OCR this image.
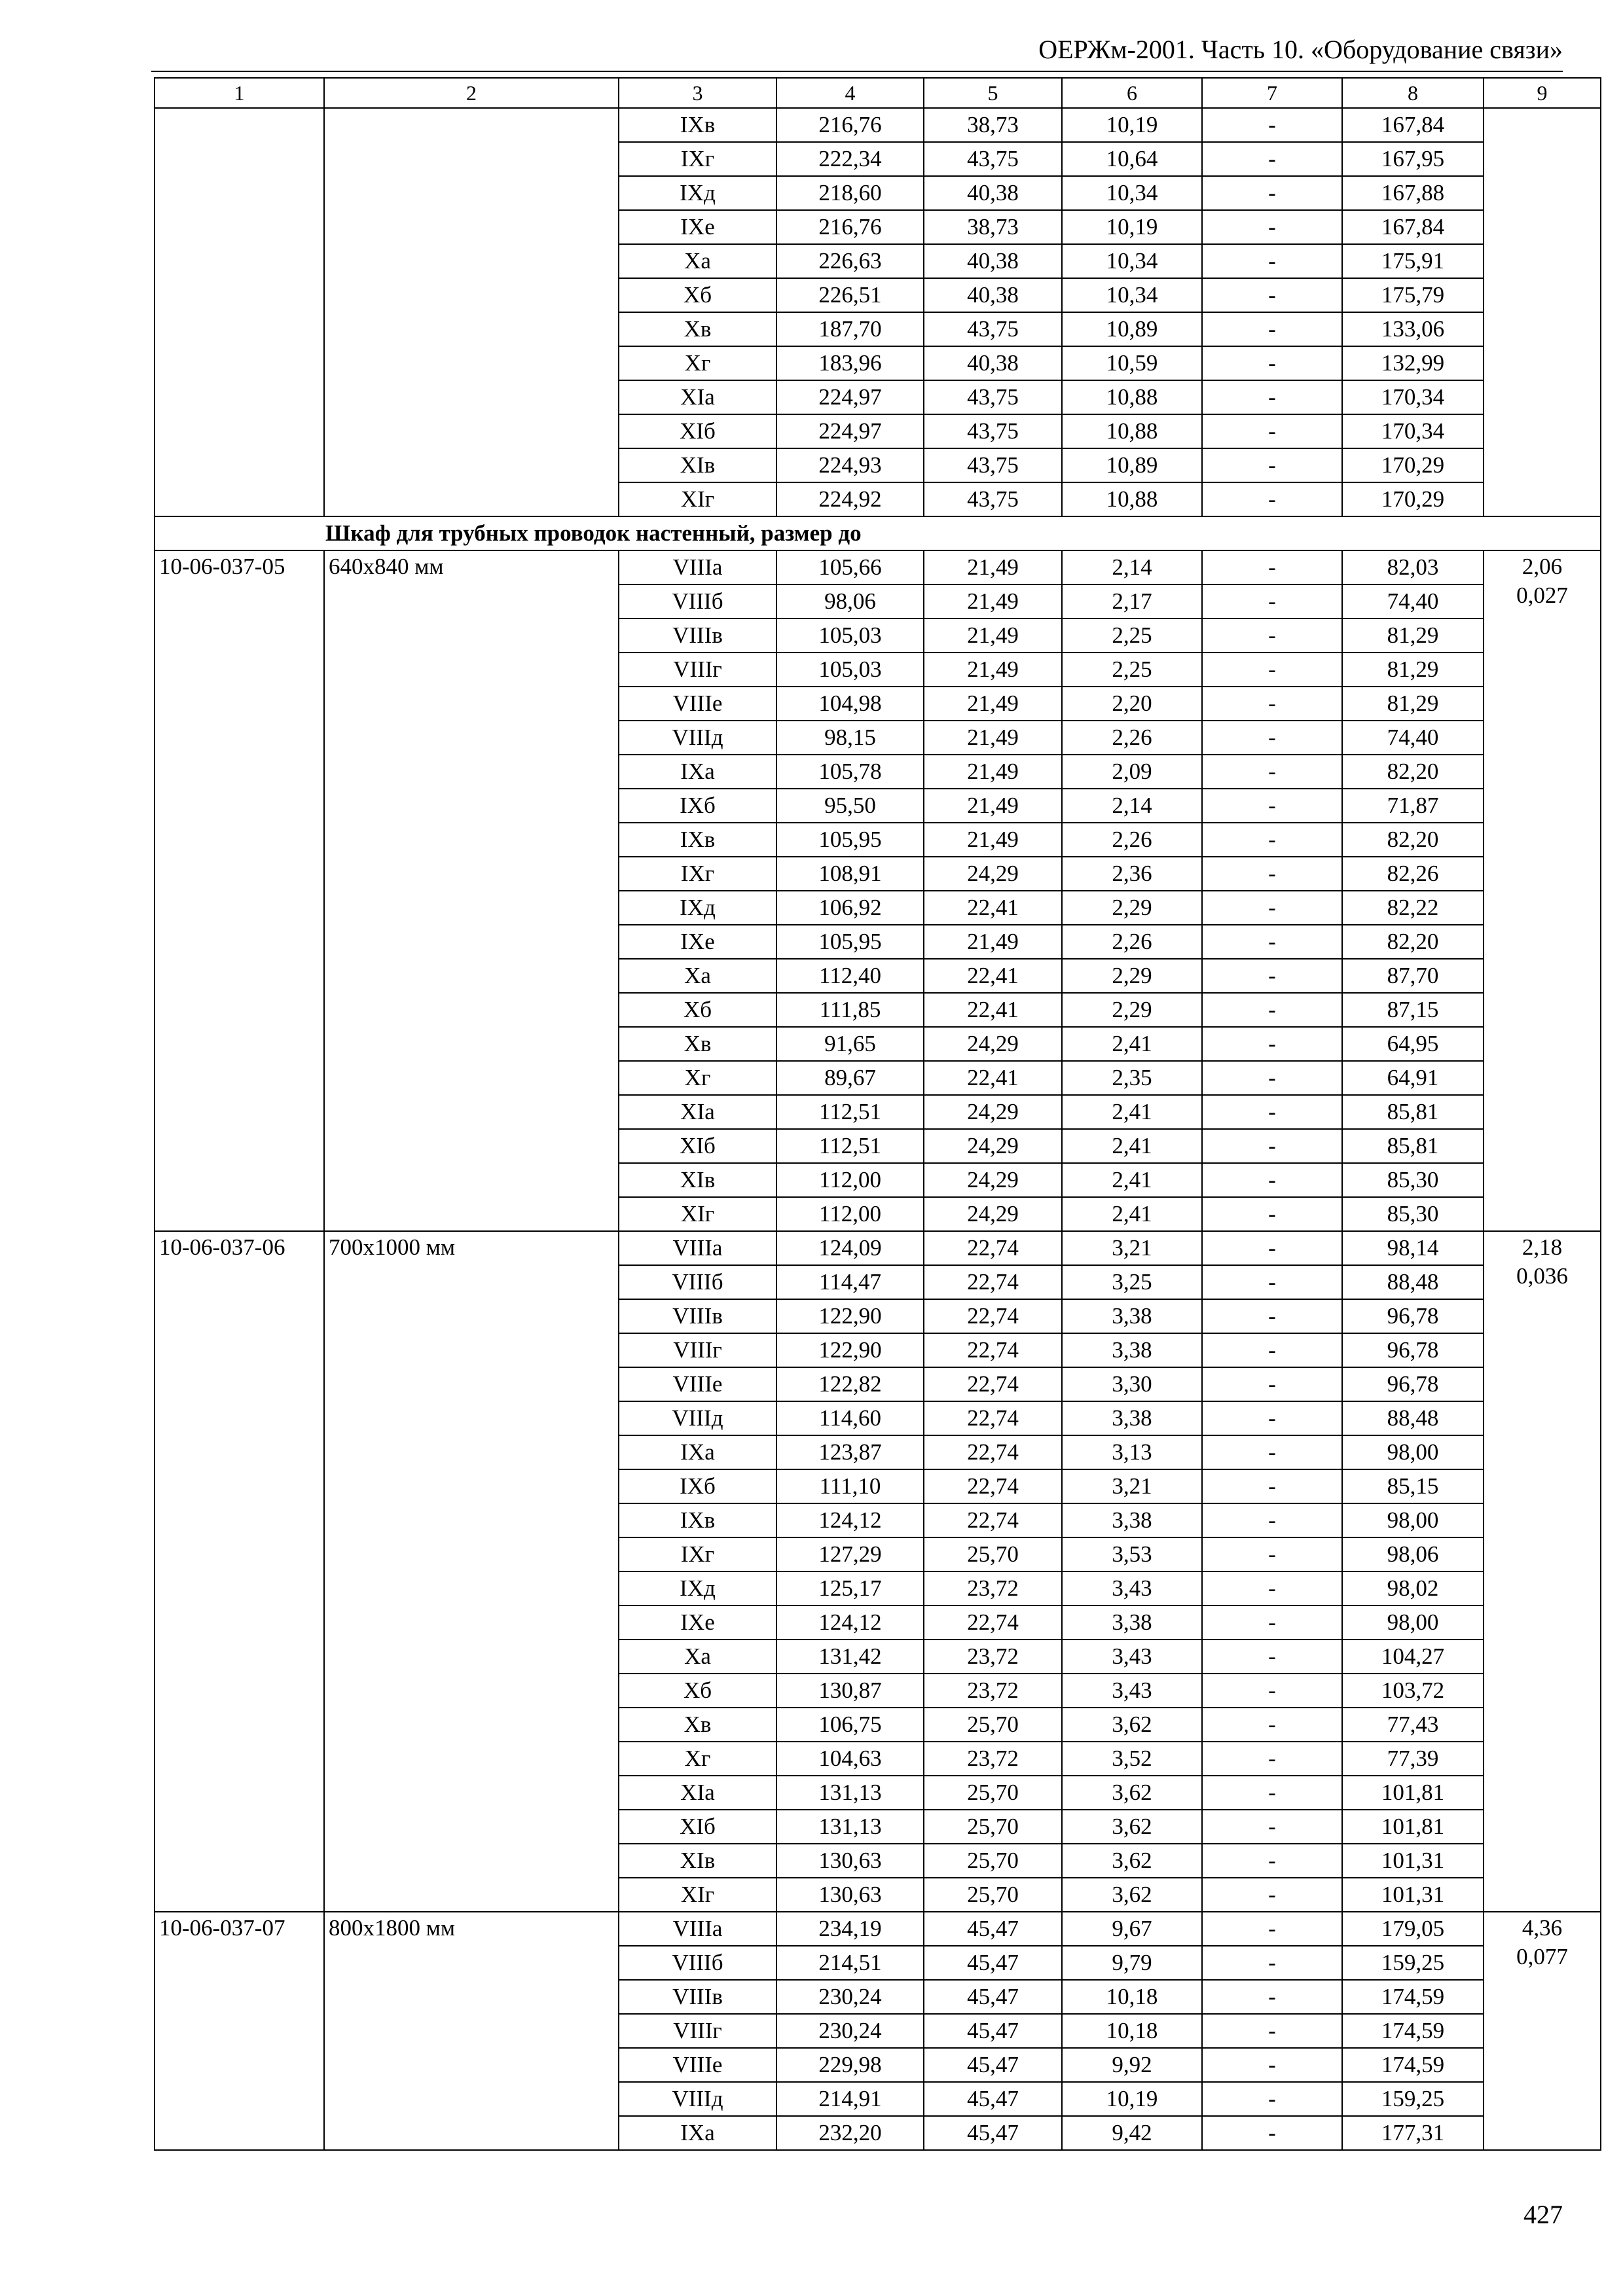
ОЕРЖм-2001. Часть 10. «Оборудование связи»
1	2	3	4	5	6	7	8	9
		IXв	216,76	38,73	10,19	-	167,84	

		IXг	222,34	43,75	10,64	-	167,95	
		IXд	218,60	40,38	10,34	-	167,88	
		IXе	216,76	38,73	10,19	-	167,84	
		Xа	226,63	40,38	10,34	-	175,91	
		Xб	226,51	40,38	10,34	-	175,79	
		Xв	187,70	43,75	10,89	-	133,06	
		Xг	183,96	40,38	10,59	-	132,99	
		XIа	224,97	43,75	10,88	-	170,34	
		XIб	224,97	43,75	10,88	-	170,34	
		XIв	224,93	43,75	10,89	-	170,29	
		XIг	224,92	43,75	10,88	-	170,29	
Шкаф для трубных проводок настенный, размер до								
10-06-037-05	640х840 мм	VIIIа	105,66	21,49	2,14	-	82,03	2,06
0,027

		VIIIб	98,06	21,49	2,17	-	74,40	
		VIIIв	105,03	21,49	2,25	-	81,29	
		VIIIг	105,03	21,49	2,25	-	81,29	
		VIIIе	104,98	21,49	2,20	-	81,29	
		VIIIд	98,15	21,49	2,26	-	74,40	
		IXа	105,78	21,49	2,09	-	82,20	
		IXб	95,50	21,49	2,14	-	71,87	
		IXв	105,95	21,49	2,26	-	82,20	
		IXг	108,91	24,29	2,36	-	82,26	
		IXд	106,92	22,41	2,29	-	82,22	
		IXе	105,95	21,49	2,26	-	82,20	
		Xа	112,40	22,41	2,29	-	87,70	
		Xб	111,85	22,41	2,29	-	87,15	
		Xв	91,65	24,29	2,41	-	64,95	
		Xг	89,67	22,41	2,35	-	64,91	
		XIа	112,51	24,29	2,41	-	85,81	
		XIб	112,51	24,29	2,41	-	85,81	
		XIв	112,00	24,29	2,41	-	85,30	
		XIг	112,00	24,29	2,41	-	85,30	
10-06-037-06	700х1000 мм	VIIIа	124,09	22,74	3,21	-	98,14	2,18
0,036

		VIIIб	114,47	22,74	3,25	-	88,48	
		VIIIв	122,90	22,74	3,38	-	96,78	
		VIIIг	122,90	22,74	3,38	-	96,78	
		VIIIе	122,82	22,74	3,30	-	96,78	
		VIIIд	114,60	22,74	3,38	-	88,48	
		IXа	123,87	22,74	3,13	-	98,00	
		IXб	111,10	22,74	3,21	-	85,15	
		IXв	124,12	22,74	3,38	-	98,00	
		IXг	127,29	25,70	3,53	-	98,06	
		IXд	125,17	23,72	3,43	-	98,02	
		IXе	124,12	22,74	3,38	-	98,00	
		Xа	131,42	23,72	3,43	-	104,27	
		Xб	130,87	23,72	3,43	-	103,72	
		Xв	106,75	25,70	3,62	-	77,43	
		Xг	104,63	23,72	3,52	-	77,39	
		XIа	131,13	25,70	3,62	-	101,81	
		XIб	131,13	25,70	3,62	-	101,81	
		XIв	130,63	25,70	3,62	-	101,31	
		XIг	130,63	25,70	3,62	-	101,31	
10-06-037-07	800х1800 мм	VIIIа	234,19	45,47	9,67	-	179,05	4,36
0,077

		VIIIб	214,51	45,47	9,79	-	159,25	
		VIIIв	230,24	45,47	10,18	-	174,59	
		VIIIг	230,24	45,47	10,18	-	174,59	
		VIIIе	229,98	45,47	9,92	-	174,59	
		VIIIд	214,91	45,47	10,19	-	159,25	
		IXа	232,20	45,47	9,42	-	177,31	
427
